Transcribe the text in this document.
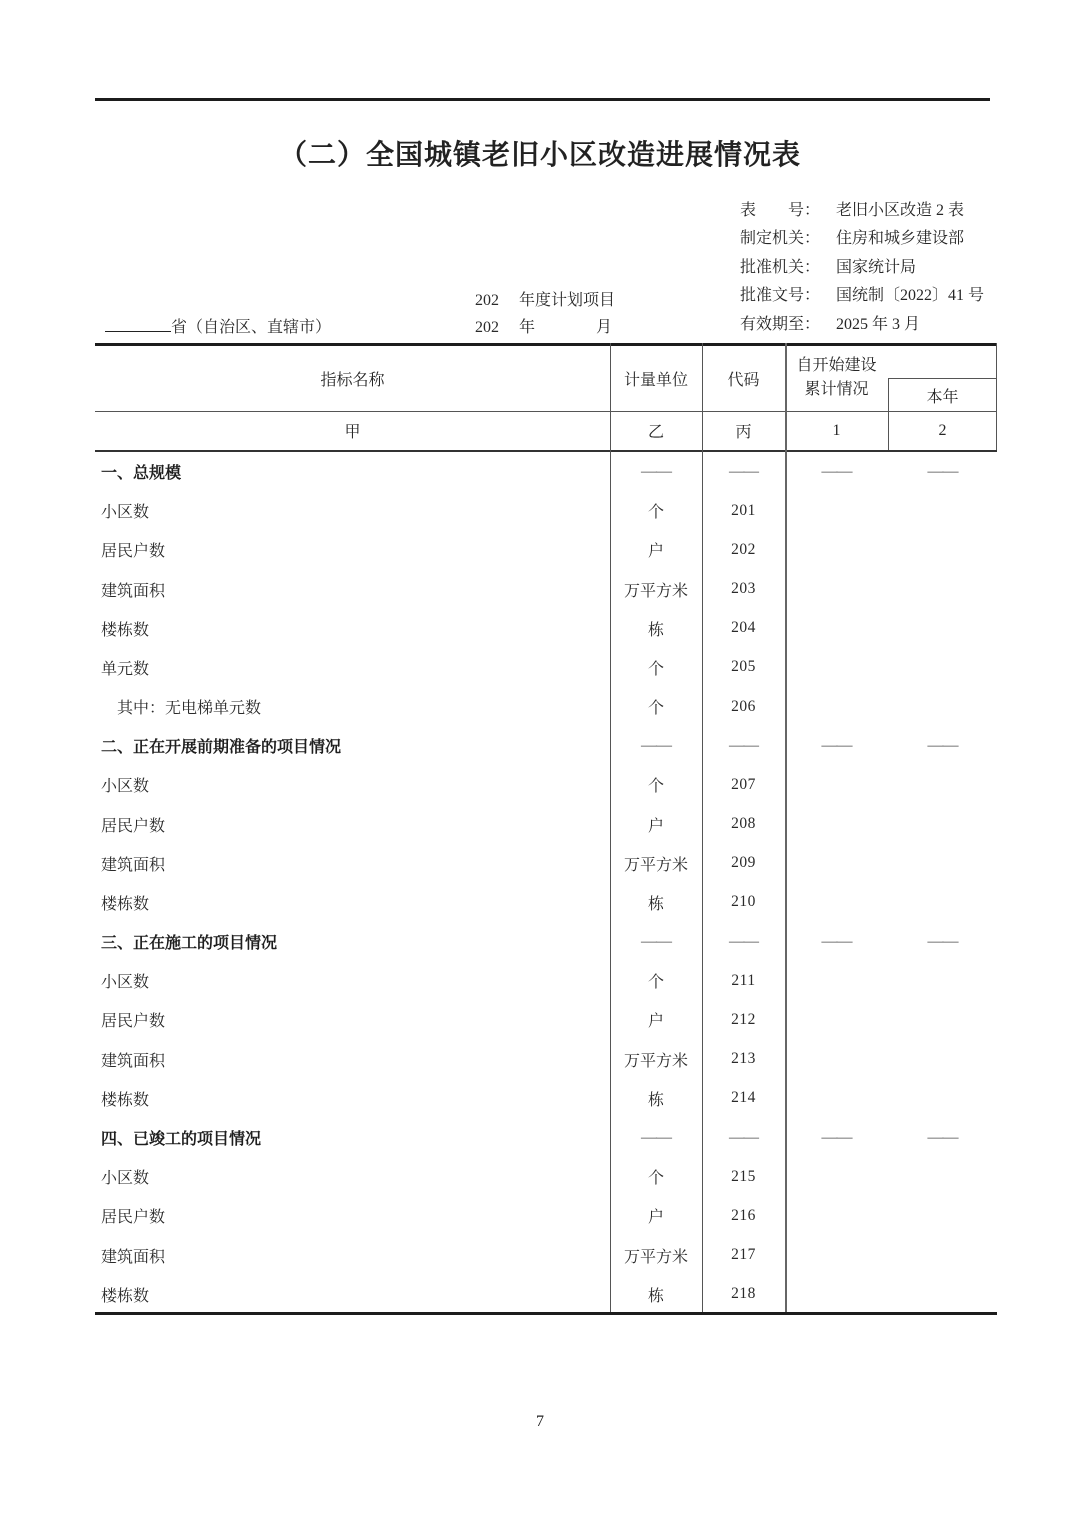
（二）全国城镇老旧小区改造进展情况表
表　　号： 老旧小区改造 2 表
制定机关： 住房和城乡建设部
批准机关： 国家统计局
批准文号： 国统制〔2022〕41 号
有效期至： 2025 年 3 月
202 年度计划项目
省（自治区、直辖市）	202 年	月
指标名称	计量单位	代码
自开始建设
累计情况	本年
甲	乙	丙	1	2
一、总规模	——	——	——	——
小区数	个	201
居民户数	户	202
建筑面积	万平方米	203
楼栋数	栋	204
单元数	个	205
其中：无电梯单元数	个	206
二、正在开展前期准备的项目情况	——	——	——	——
小区数	个	207
居民户数	户	208
建筑面积	万平方米	209
楼栋数	栋	210
三、正在施工的项目情况	——	——	——	——
小区数	个	211
居民户数	户	212
建筑面积	万平方米	213
楼栋数	栋	214
四、已竣工的项目情况	——	——	——	——
小区数	个	215
居民户数	户	216
建筑面积	万平方米	217
楼栋数	栋	218
7
